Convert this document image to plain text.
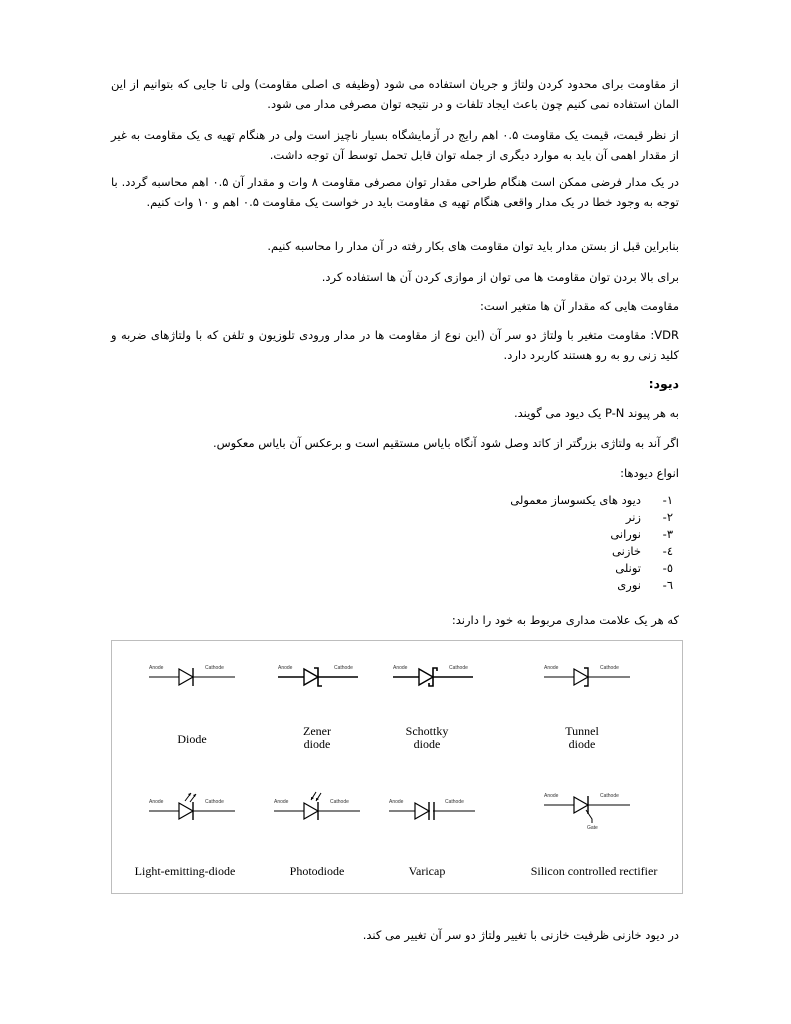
از مقاومت برای محدود کردن ولتاژ و جریان استفاده می شود (وظیفه ی اصلی مقاومت) ولی تا جایی که بتوانیم از این المان استفاده نمی کنیم چون باعث ایجاد تلفات و در نتیجه توان مصرفی مدار می شود.

از نظر قیمت، قیمت یک مقاومت ۰.۵ اهم رایج در آزمایشگاه بسیار ناچیز است ولی در هنگام تهیه ی یک مقاومت به غیر از مقدار اهمی آن باید به موارد دیگری از جمله توان قابل تحمل توسط آن توجه داشت.

در یک مدار فرضی ممکن است هنگام طراحی مقدار توان مصرفی مقاومت ۸ وات و مقدار آن ۰.۵ اهم محاسبه گردد. با توجه به وجود خطا در یک مدار واقعی هنگام تهیه ی مقاومت باید در خواست یک مقاومت ۰.۵ اهم و ۱۰ وات کنیم.

بنابراین قبل از بستن مدار باید توان مقاومت های بکار رفته در آن مدار را محاسبه کنیم.

برای بالا بردن توان مقاومت ها می توان از موازی کردن آن ها استفاده کرد.

مقاومت هایی که مقدار آن ها متغیر است:

VDR: مقاومت متغیر با ولتاژ دو سر آن (این نوع از مقاومت ها در مدار ورودی تلوزیون و تلفن که با ولتاژهای ضربه و کلید زنی رو به رو هستند کاربرد دارد.

دیود:

به هر پیوند P-N یک دیود می گویند.

اگر آند به ولتاژی بزرگتر از کاتد وصل شود آنگاه بایاس مستقیم است و برعکس آن بایاس معکوس.

انواع دیودها:

١-
دیود های یکسوساز معمولی
٢-
زنر
٣-
نورانی
٤-
خازنی
٥-
تونلی
٦-
نوری

که هر یک علامت مداری مربوط به خود را دارند:

Anode	Cathode	Anode	Cathode	Anode	Cathode	Anode	Cathode
Diode
Zener
diode
Schottky
diode
Tunnel
diode
Anode	Cathode	Anode	Cathode	Anode	Cathode
Anode	Cathode
Gate
Light-emitting-diode	Photodiode	Varicap	Silicon controlled rectifier

در دیود خازنی ظرفیت خازنی با تغییر ولتاژ دو سر آن تغییر می کند.
